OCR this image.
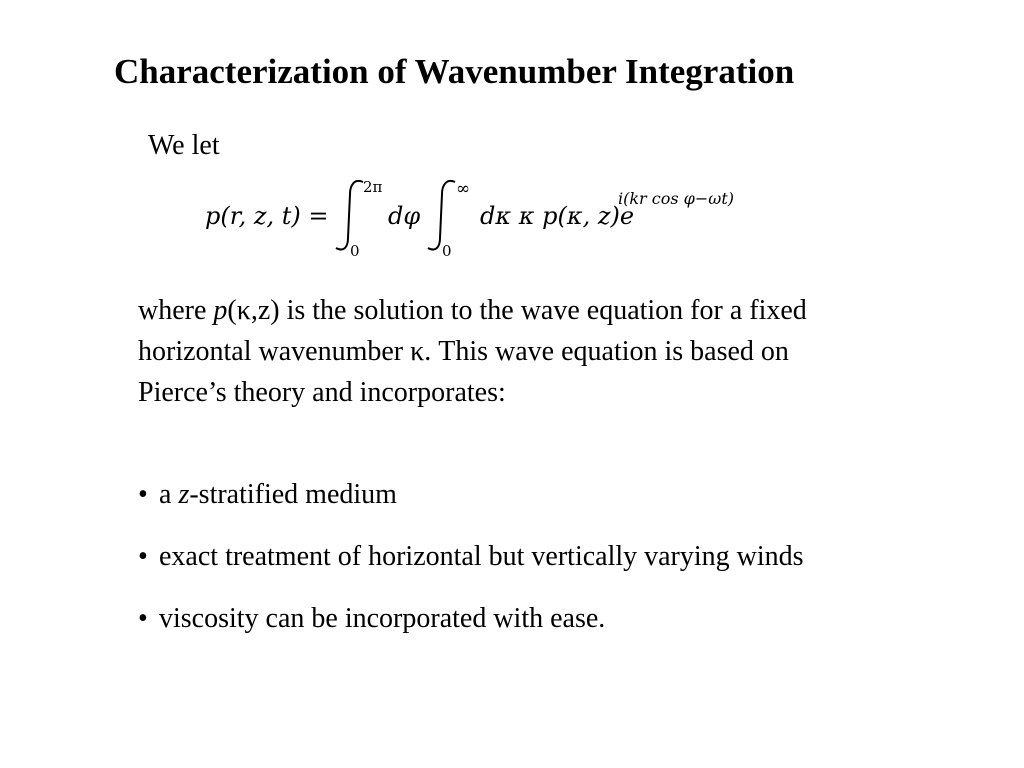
Characterization of Wavenumber Integration
We let
p(r, z, t) =
2π
0
dφ
∞
0
dκ κ p(κ, z)e
i(kr cos φ−ωt)

where p(κ,z) is the solution to the wave equation for a fixed horizontal wavenumber κ. This wave equation is based on Pierce’s theory and incorporates:

• a z-stratified medium

• exact treatment of horizontal but vertically varying winds

• viscosity can be incorporated with ease.
